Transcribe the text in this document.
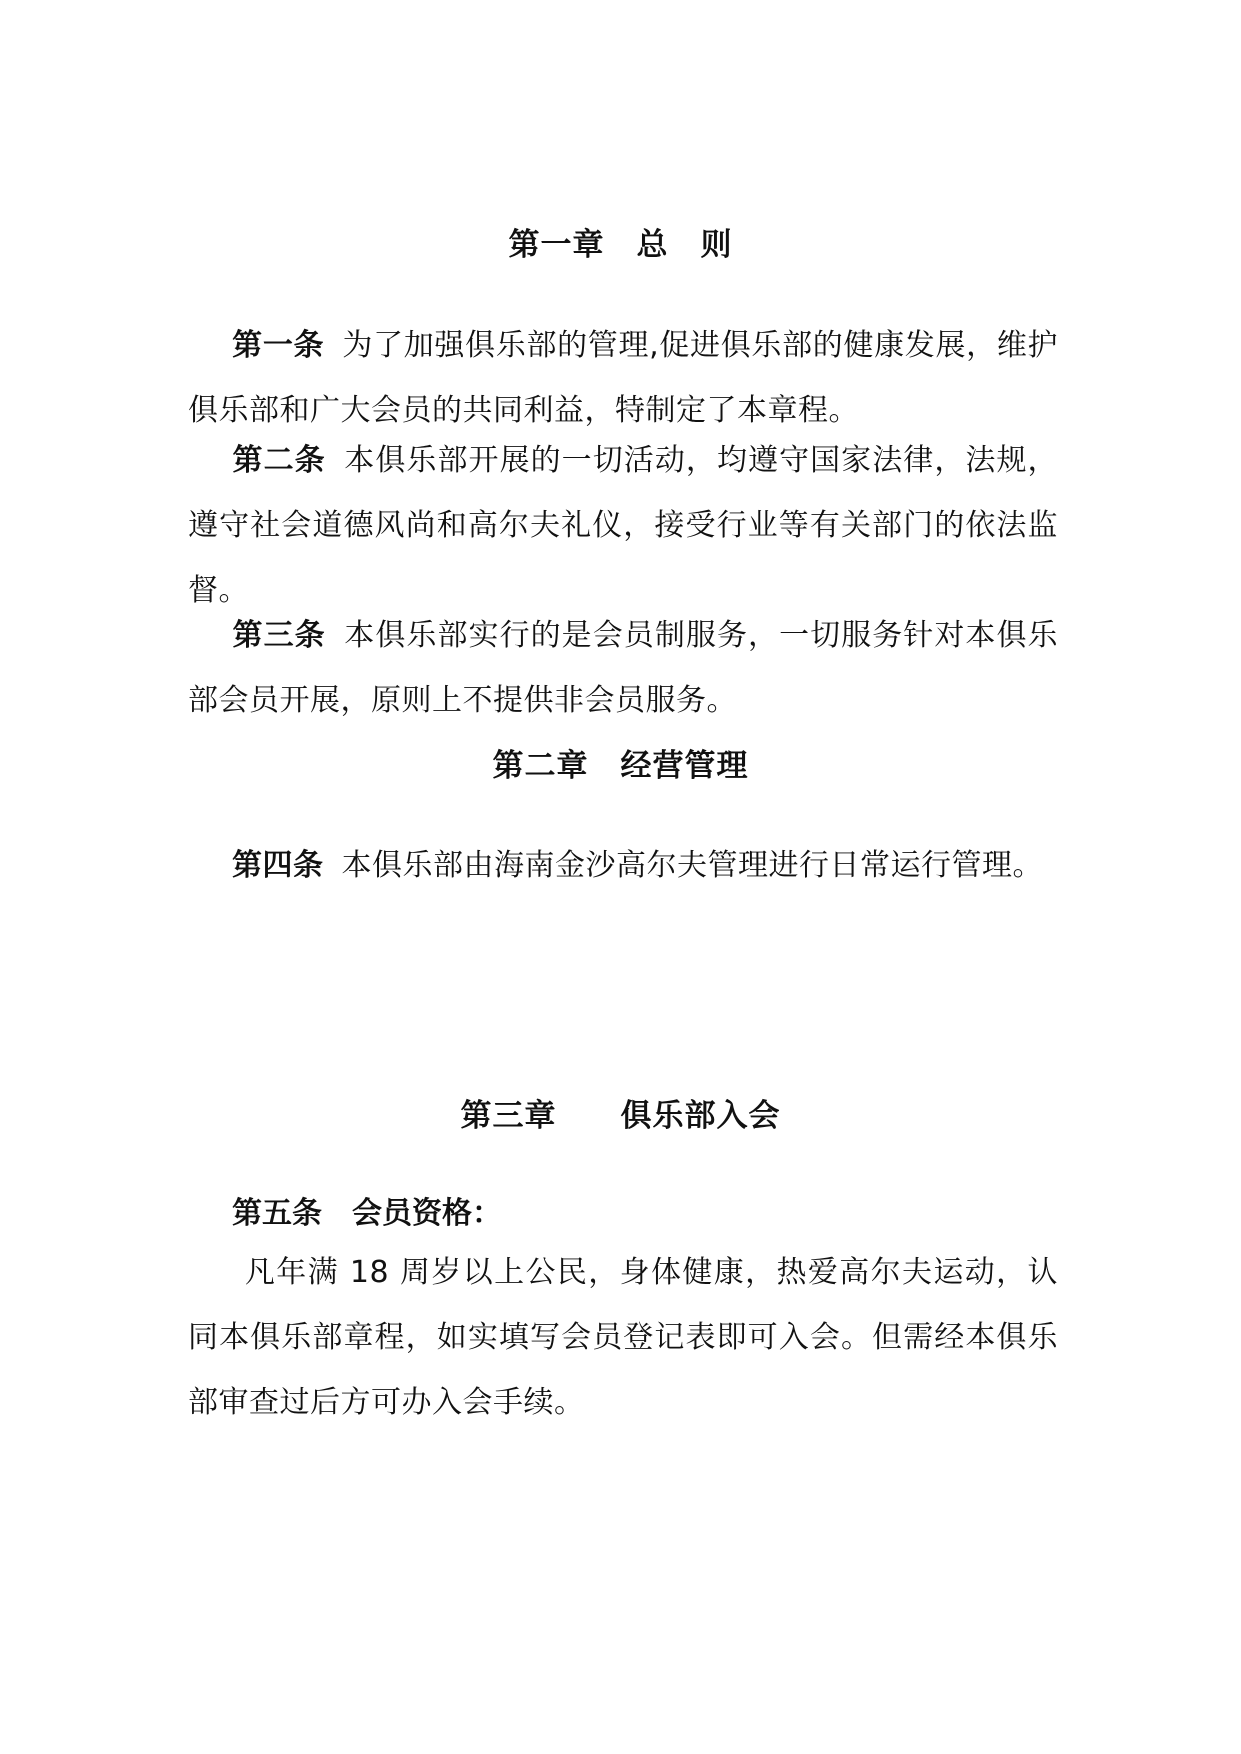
第一章　总　则
第一条 为了加强俱乐部的管理,促进俱乐部的健康发展，维护俱乐部和广大会员的共同利益，特制定了本章程。
第二条 本俱乐部开展的一切活动，均遵守国家法律，法规，遵守社会道德风尚和高尔夫礼仪，接受行业等有关部门的依法监督。
第三条 本俱乐部实行的是会员制服务，一切服务针对本俱乐部会员开展，原则上不提供非会员服务。
第二章　经营管理
第四条 本俱乐部由海南金沙高尔夫管理进行日常运行管理。
第三章　　俱乐部入会
第五条　会员资格：
凡年满 18 周岁以上公民，身体健康，热爱高尔夫运动，认同本俱乐部章程，如实填写会员登记表即可入会。但需经本俱乐部审查过后方可办入会手续。
